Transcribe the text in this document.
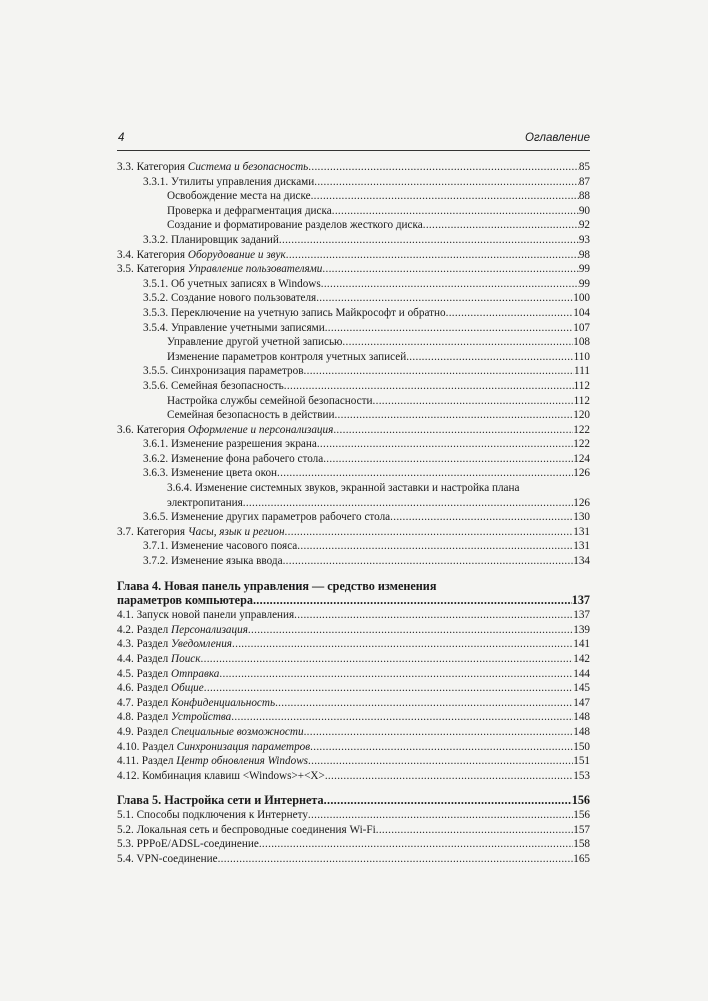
4	Оглавление
3.3. Категория Система и безопасность .....	85
3.3.1. Утилиты управления дисками .....	87
Освобождение места на диске .....	88
Проверка и дефрагментация диска .....	90
Создание и форматирование разделов жесткого диска .....	92
3.3.2. Планировщик заданий .....	93
3.4. Категория Оборудование и звук .....	98
3.5. Категория Управление пользователями .....	99
3.5.1. Об учетных записях в Windows .....	99
3.5.2. Создание нового пользователя .....	100
3.5.3. Переключение на учетную запись Майкрософт и обратно .....	104
3.5.4. Управление учетными записями .....	107
Управление другой учетной записью .....	108
Изменение параметров контроля учетных записей .....	110
3.5.5. Синхронизация параметров .....	111
3.5.6. Семейная безопасность .....	112
Настройка службы семейной безопасности .....	112
Семейная безопасность в действии .....	120
3.6. Категория Оформление и персонализация .....	122
3.6.1. Изменение разрешения экрана .....	122
3.6.2. Изменение фона рабочего стола .....	124
3.6.3. Изменение цвета окон .....	126
3.6.4. Изменение системных звуков, экранной заставки и настройка плана
электропитания .....	126
3.6.5. Изменение других параметров рабочего стола .....	130
3.7. Категория Часы, язык и регион .....	131
3.7.1. Изменение часового пояса .....	131
3.7.2. Изменение языка ввода .....	134
Глава 4. Новая панель управления — средство изменения
параметров компьютера .....	137
4.1. Запуск новой панели управления .....	137
4.2. Раздел Персонализация .....	139
4.3. Раздел Уведомления .....	141
4.4. Раздел Поиск .....	142
4.5. Раздел Отправка .....	144
4.6. Раздел Общие .....	145
4.7. Раздел Конфиденциальность .....	147
4.8. Раздел Устройства .....	148
4.9. Раздел Специальные возможности .....	148
4.10. Раздел Синхронизация параметров .....	150
4.11. Раздел Центр обновления Windows .....	151
4.12. Комбинация клавиш <Windows>+<X> .....	153
Глава 5. Настройка сети и Интернета .....	156
5.1. Способы подключения к Интернету .....	156
5.2. Локальная сеть и беспроводные соединения Wi-Fi .....	157
5.3. PPPoE/ADSL-соединение .....	158
5.4. VPN-соединение .....	165
